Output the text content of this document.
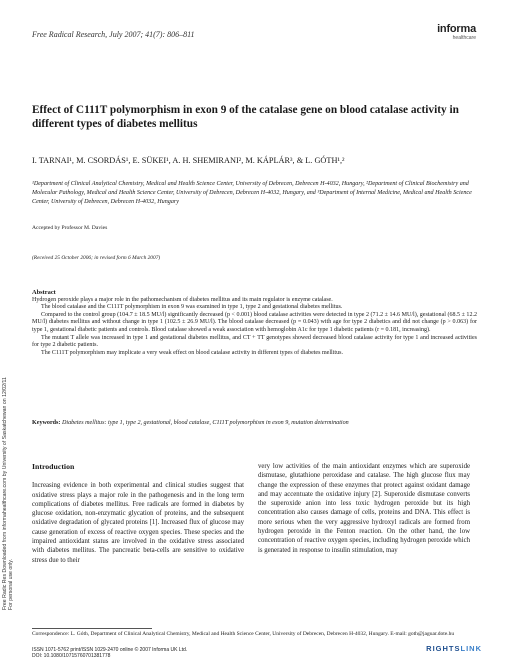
Free Radical Research, July 2007; 41(7): 806–811	informa
healthcare
Free Radic Res Downloaded from informahealthcare.com by University of Saskatchewan on 12/02/11 For personal use only.
Effect of C111T polymorphism in exon 9 of the catalase gene on blood catalase activity in different types of diabetes mellitus
I. TARNAI¹, M. CSORDÁS¹, E. SÜKEI¹, A. H. SHEMIRANI², M. KÁPLÁR³, & L. GÓTH¹,²
¹Department of Clinical Analytical Chemistry, Medical and Health Science Center, University of Debrecen, Debrecen H-4032, Hungary, ²Department of Clinical Biochemistry and Molecular Pathology, Medical and Health Science Center, University of Debrecen, Debrecen H-4032, Hungary, and ³Department of Internal Medicine, Medical and Health Science Center, University of Debrecen, Debrecen H-4032, Hungary
Accepted by Professor M. Davies
(Received 25 October 2006; in revised form 6 March 2007)
Abstract

Hydrogen peroxide plays a major role in the pathomechanism of diabetes mellitus and its main regulator is enzyme catalase.

The blood catalase and the C111T polymorphism in exon 9 was examined in type 1, type 2 and gestational diabetes mellitus.

Compared to the control group (104.7 ± 18.5 MU/l) significantly decreased (p < 0.001) blood catalase activities were detected in type 2 (71.2 ± 14.6 MU/l), gestational (68.5 ± 12.2 MU/l) diabetes mellitus and without change in type 1 (102.5 ± 26.9 MU/l). The blood catalase decreased (p = 0.043) with age for type 2 diabetics and did not change (p > 0.063) for type 1, gestational diabetic patients and controls. Blood catalase showed a weak association with hemoglobin A1c for type 1 diabetic patients (r = 0.181, increasing).

The mutant T allele was increased in type 1 and gestational diabetes mellitus, and CT + TT genotypes showed decreased blood catalase activity for type 1 and increased activities for type 2 diabetic patients.

The C111T polymorphism may implicate a very weak effect on blood catalase activity in different types of diabetes mellitus.

Keywords: Diabetes mellitus: type 1, type 2, gestational, blood catalase, C111T polymorphism in exon 9, mutation determination
Introduction
Increasing evidence in both experimental and clinical studies suggest that oxidative stress plays a major role in the pathogenesis and in the long term complications of diabetes mellitus. Free radicals are formed in diabetes by glucose oxidation, non-enzymatic glycation of proteins, and the subsequent oxidative degradation of glycated proteins [1]. Increased flux of glucose may cause generation of excess of reactive oxygen species. These species and the impaired antioxidant status are involved in the oxidative stress associated with diabetes mellitus. The pancreatic beta-cells are sensitive to oxidative stress due to their
very low activities of the main antioxidant enzymes which are superoxide dismutase, glutathione peroxidase and catalase. The high glucose flux may change the expression of these enzymes that protect against oxidant damage and may accentuate the oxidative injury [2]. Superoxide dismutase converts the superoxide anion into less toxic hydrogen peroxide but its high concentration also causes damage of cells, proteins and DNA. This effect is more serious when the very aggressive hydroxyl radicals are formed from hydrogen peroxide in the Fenton reaction. On the other hand, the low concentration of reactive oxygen species, including hydrogen peroxide which is generated in response to insulin stimulation, may
Correspondence: L. Góth, Department of Clinical Analytical Chemistry, Medical and Health Science Center, University of Debrecen, Debrecen H-4032, Hungary. E-mail: goth@jaguar.dote.hu
ISSN 1071-5762 print/ISSN 1029-2470 online © 2007 Informa UK Ltd.
DOI: 10.1080/10715760701381778
RIGHTSLINK
